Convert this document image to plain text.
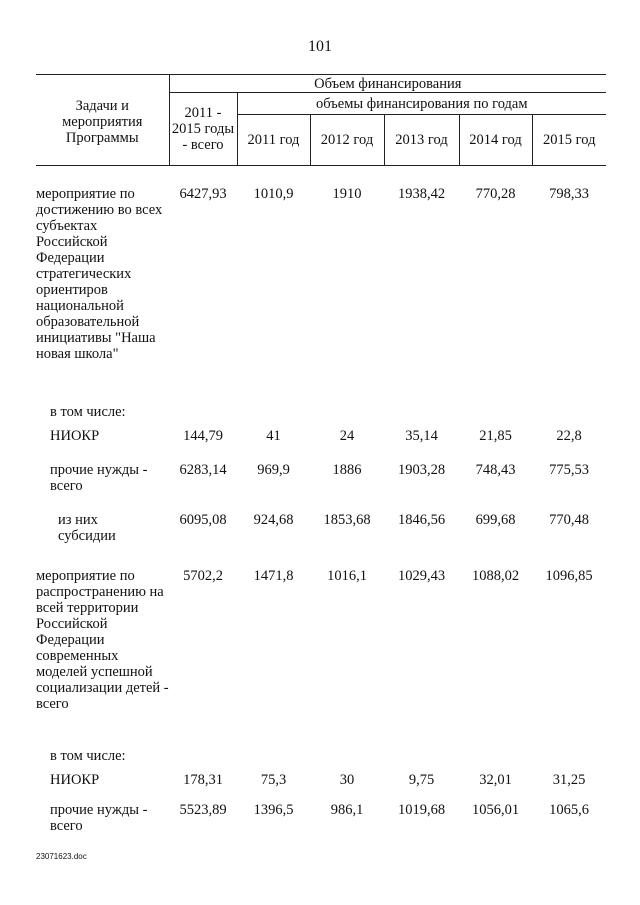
101
Задачи и мероприятия Программы	Объем финансирования					
	2011 - 2015 годы - всего	объемы финансирования по годам				
		2011 год	2012 год	2013 год	2014 год	2015 год
мероприятие по достижению во всех субъектах Российской Федерации стратегических ориентиров национальной образовательной инициативы "Наша новая школа"	6427,93	1010,9	1910	1938,42	770,28	798,33
в том числе:						
НИОКР	144,79	41	24	35,14	21,85	22,8
прочие нужды - всего	6283,14	969,9	1886	1903,28	748,43	775,53
из них субсидии	6095,08	924,68	1853,68	1846,56	699,68	770,48
мероприятие по распространению на всей территории Российской Федерации современных моделей успешной социализации детей - всего	5702,2	1471,8	1016,1	1029,43	1088,02	1096,85
в том числе:						
НИОКР	178,31	75,3	30	9,75	32,01	31,25
прочие нужды - всего	5523,89	1396,5	986,1	1019,68	1056,01	1065,6
23071623.doc
